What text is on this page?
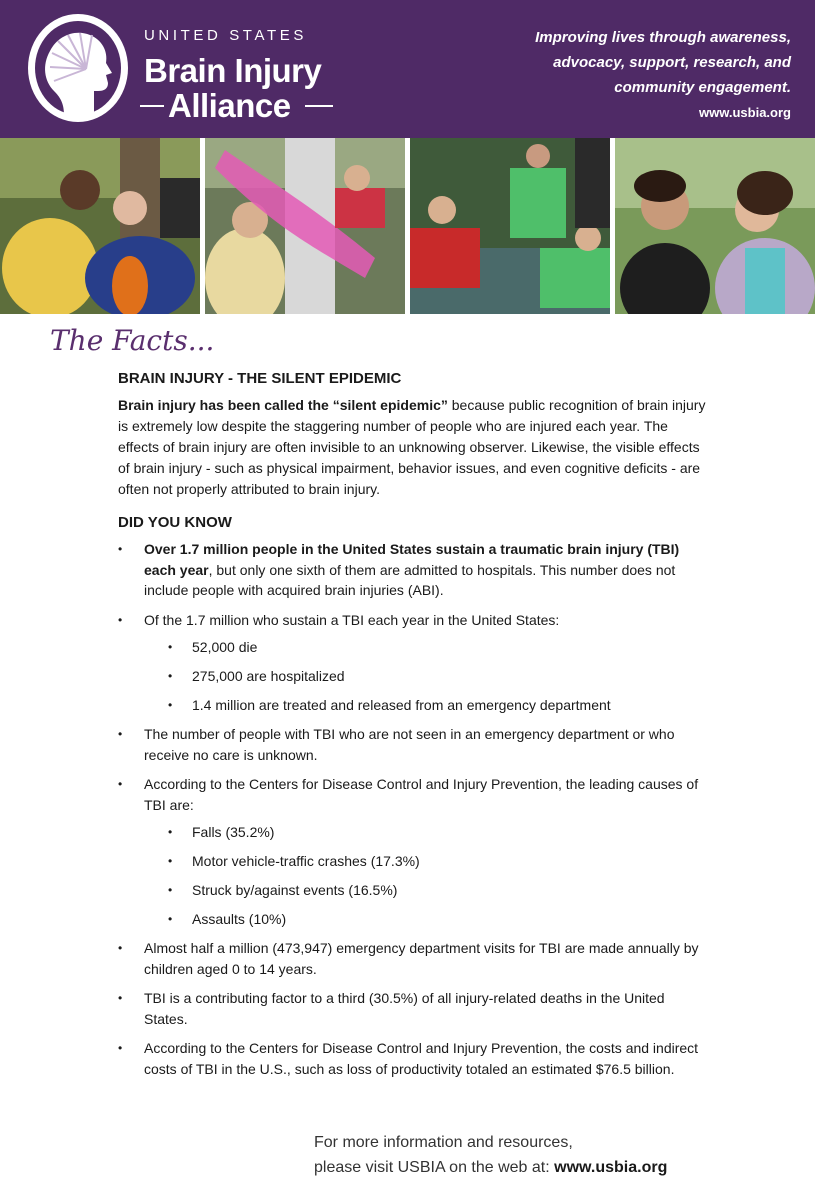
UNITED STATES
Brain Injury
Alliance
Improving lives through awareness,
advocacy, support, research, and
community engagement.
www.usbia.org
The Facts...
BRAIN INJURY - THE SILENT EPIDEMIC

Brain injury has been called the “silent epidemic” because public recognition of brain injury is extremely low despite the staggering number of people who are injured each year. The effects of brain injury are often invisible to an unknowing observer. Likewise, the visible effects of brain injury - such as physical impairment, behavior issues, and even cognitive deficits - are often not properly attributed to brain injury.

DID YOU KNOW
• Over 1.7 million people in the United States sustain a traumatic brain injury (TBI) each year, but only one sixth of them are admitted to hospitals. This number does not include people with acquired brain injuries (ABI).
• Of the 1.7 million who sustain a TBI each year in the United States:
• 52,000 die
• 275,000 are hospitalized
• 1.4 million are treated and released from an emergency department
• The number of people with TBI who are not seen in an emergency department or who receive no care is unknown.
• According to the Centers for Disease Control and Injury Prevention, the leading causes of TBI are:
• Falls (35.2%)
• Motor vehicle-traffic crashes (17.3%)
• Struck by/against events (16.5%)
• Assaults (10%)
• Almost half a million (473,947) emergency department visits for TBI are made annually by children aged 0 to 14 years.
• TBI is a contributing factor to a third (30.5%) of all injury-related deaths in the United States.
• According to the Centers for Disease Control and Injury Prevention, the costs and indirect costs of TBI in the U.S., such as loss of productivity totaled an estimated $76.5 billion.
For more information and resources,
please visit USBIA on the web at: www.usbia.org
